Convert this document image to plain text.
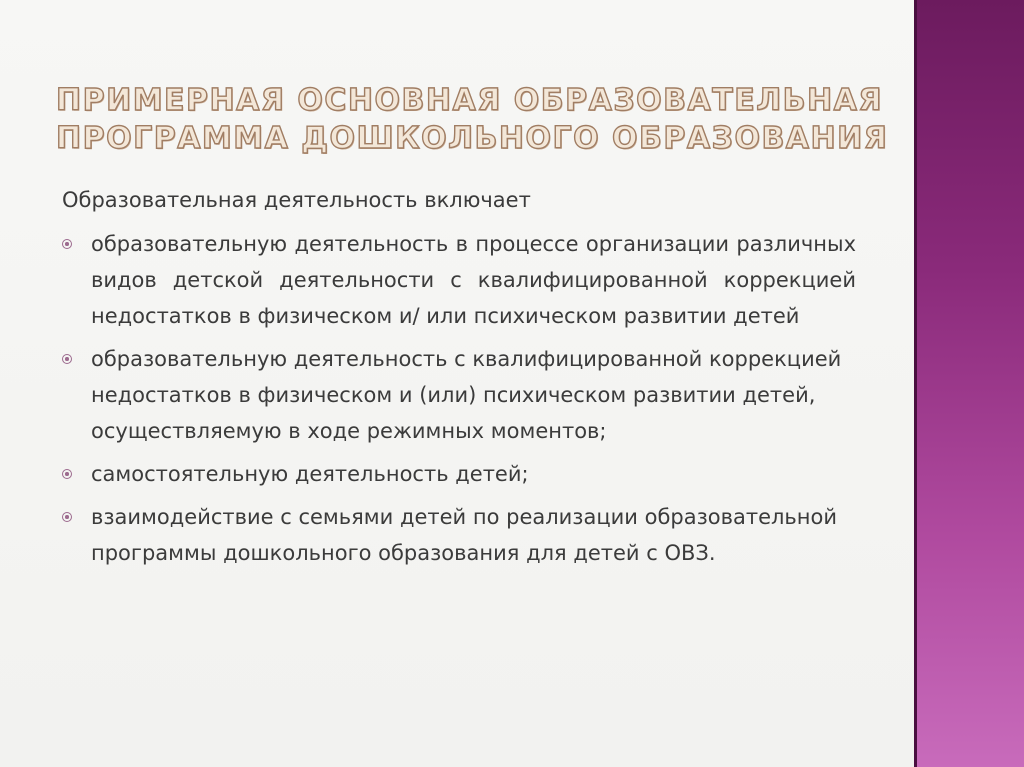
ПРИМЕРНАЯ ОСНОВНАЯ ОБРАЗОВАТЕЛЬНАЯ
ПРОГРАММА ДОШКОЛЬНОГО ОБРАЗОВАНИЯ
Образовательная деятельность включает
образовательную деятельность в процессе организации различных видов детской деятельности с квалифицированной коррекцией недостатков в физическом и/ или психическом развитии детей
образовательную деятельность с квалифицированной коррекцией недостатков в физическом и (или) психическом развитии детей, осуществляемую в ходе режимных моментов;
самостоятельную деятельность детей;
взаимодействие с семьями детей по реализации образовательной программы дошкольного образования для детей с ОВЗ.
